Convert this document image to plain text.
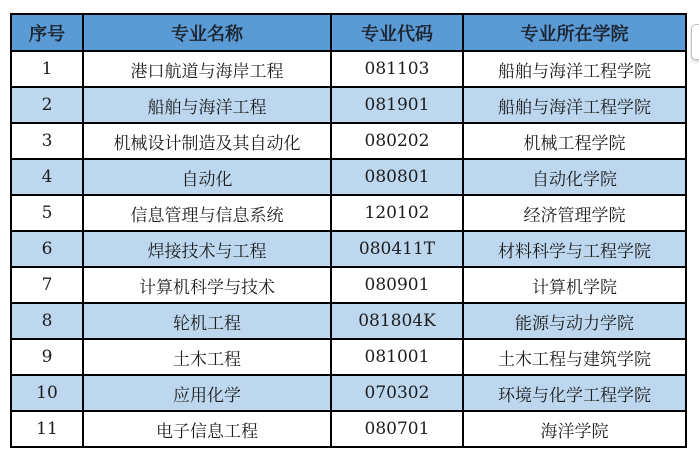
序号	专业名称	专业代码	专业所在学院
1	港口航道与海岸工程	081103	船舶与海洋工程学院
2	船舶与海洋工程	081901	船舶与海洋工程学院
3	机械设计制造及其自动化	080202	机械工程学院
4	自动化	080801	自动化学院
5	信息管理与信息系统	120102	经济管理学院
6	焊接技术与工程	080411T	材料科学与工程学院
7	计算机科学与技术	080901	计算机学院
8	轮机工程	081804K	能源与动力学院
9	土木工程	081001	土木工程与建筑学院
10	应用化学	070302	环境与化学工程学院
11	电子信息工程	080701	海洋学院
